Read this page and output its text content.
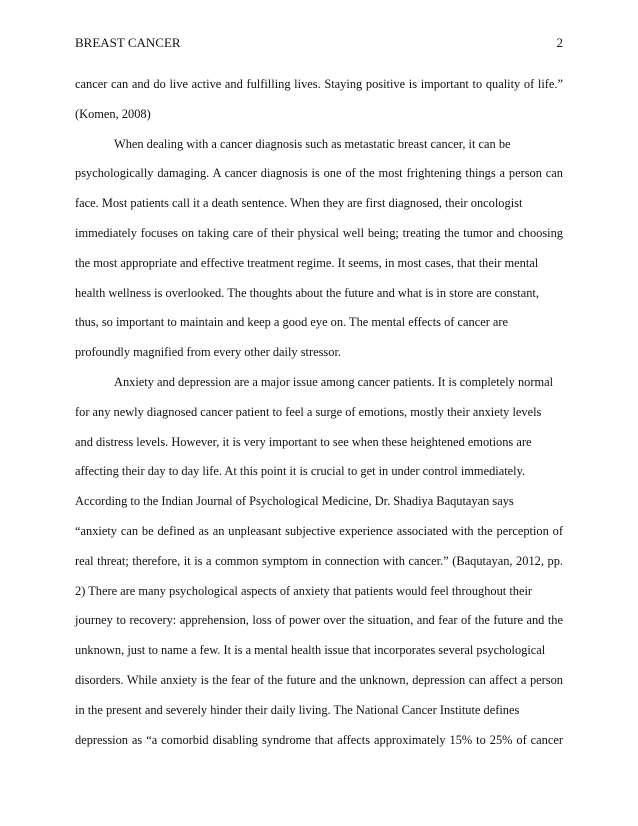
BREAST CANCER	2
cancer can and do live active and fulfilling lives. Staying positive is important to quality of life.”
(Komen, 2008)
When dealing with a cancer diagnosis such as metastatic breast cancer, it can be
psychologically damaging. A cancer diagnosis is one of the most frightening things a person can
face. Most patients call it a death sentence. When they are first diagnosed, their oncologist
immediately focuses on taking care of their physical well being; treating the tumor and choosing
the most appropriate and effective treatment regime. It seems, in most cases, that their mental
health wellness is overlooked. The thoughts about the future and what is in store are constant,
thus, so important to maintain and keep a good eye on. The mental effects of cancer are
profoundly magnified from every other daily stressor.
Anxiety and depression are a major issue among cancer patients. It is completely normal
for any newly diagnosed cancer patient to feel a surge of emotions, mostly their anxiety levels
and distress levels. However, it is very important to see when these heightened emotions are
affecting their day to day life. At this point it is crucial to get in under control immediately.
According to the Indian Journal of Psychological Medicine, Dr. Shadiya Baqutayan says
“anxiety can be defined as an unpleasant subjective experience associated with the perception of
real threat; therefore, it is a common symptom in connection with cancer.” (Baqutayan, 2012, pp.
2) There are many psychological aspects of anxiety that patients would feel throughout their
journey to recovery: apprehension, loss of power over the situation, and fear of the future and the
unknown, just to name a few. It is a mental health issue that incorporates several psychological
disorders. While anxiety is the fear of the future and the unknown, depression can affect a person
in the present and severely hinder their daily living. The National Cancer Institute defines
depression as “a comorbid disabling syndrome that affects approximately 15% to 25% of cancer
